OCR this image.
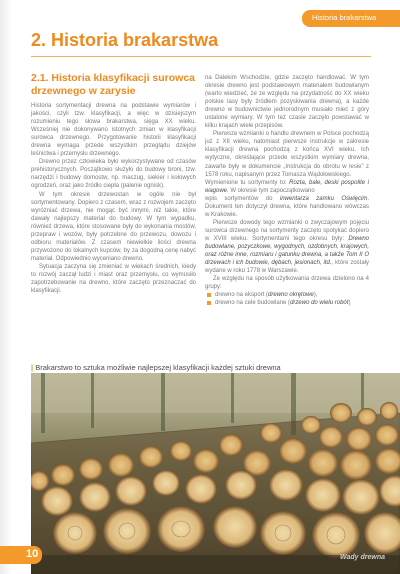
Historia brakarstwa
2. Historia brakarstwa
2.1. Historia klasyfikacji surowca drzewnego w zarysie

Historia sortymentacji drewna na podstawie wymiarów i jakości, czyli tzw. klasyfikacji, a więc w dzisiejszym rozumieniu tego słowa brakarstwa, sięga XX wieku. Wcześniej nie dokonywano istotnych zmian w klasyfikacji surowca drzewnego. Przygotowanie historii klasyfikacji drewna wymaga przede wszystkim przeglądu dziejów leśnictwa i przemysłu drzewnego.

Drewno przez człowieka było wykorzystywane od czasów prehistorycznych. Początkowo służyło do budowy broni, tzw. narzędzi i budowy domostw, np. maczug, siekier i kołowych ogrodzeń, oraz jako źródło ciepła (palenie ognisk).

W tym okresie drzewostan w ogóle nie był sortymentowany. Dopiero z czasem, wraz z rozwojem zaczęto wyróżniać drzewa, nie mogąc być innymi, niż takie, które dawały najlepszy materiał do budowy. W tym wypadku, również drzewa, które stosowane były do wykonania mostów, przepraw i wozów, były potrzebne do przewozu, dowozu i odbioru materiałów. Z czasem niewielkie ilości drewna przywożono do lokalnych kupców, by za dogodną cenę nabyć materiał. Odpowiednio wyceniano drewno.

Sytuacja zaczyna się zmieniać w wiekach średnich, kiedy to rozwój zaczął ludzi i miast oraz przemysłu, co wymusiło zapotrzebowanie na drewno, które zaczęto przeznaczać do klasyfikacji.

na Dalekim Wschodzie, gdzie zaczęto handlować. W tym okresie drewno jest podstawowym materiałem budowlanym (warto wiedzieć, że ze względu na przydatność do XX wieku polskie lasy były źródłem pozyskiwania drewna), a każde drewno w budownictwie jednorodnym musiało mieć z góry ustalone wymiary. W tym też czasie zaczęło powstawać w kilku krajach wiele przepisów.

Pierwsze wzmianki o handlu drewnem w Polsce pochodzą już z XII wieku, natomiast pierwsze instrukcje w zakresie klasyfikacji drewna pochodzą z końca XVI wieku. Ich wytyczne, określające przede wszystkim wymiary drewna, zawarte były w dokumencie „Instrukcja do obrotu w lesie” z 1578 roku, napisanym przez Tomasza Wądołowskiego.

Wymienione tu sortymenty to: Rozta, bale, deski pospolite i wagowe. W okresie tym zapoczątkowano

wpis sortymentów do inwentarza zamku Oświęcim. Dokument ten dotyczył drewna, które handlowano wówczas w Krakowie.

Pierwsze dowody tego wzmianki o zwyczajowym pojęciu surowca drzewnego na sortymenty zaczęto spotykać dopiero w XVIII wieku. Sortymentami tego okresu były: Drewno budowlane, pozyczkowe, wygodnych, ozdobnych, krajowych, oraz różne inne, rozmiaru i gatunku drewna, a także Tom II O drzewach i ich budowie, dębach, jesionach, itd., które zostały wydane w roku 1778 w Warszawie.

Ze względu na sposób użytkowania drzewa dzielono na 4 grupy:

drewno na eksport (drewno okrętowe),
drewno na cele budowlane (drzewo do wielu robót)
| Brakarstwo to sztuka możliwie najlepszej klasyfikacji każdej sztuki drewna
Wady drewna
10
